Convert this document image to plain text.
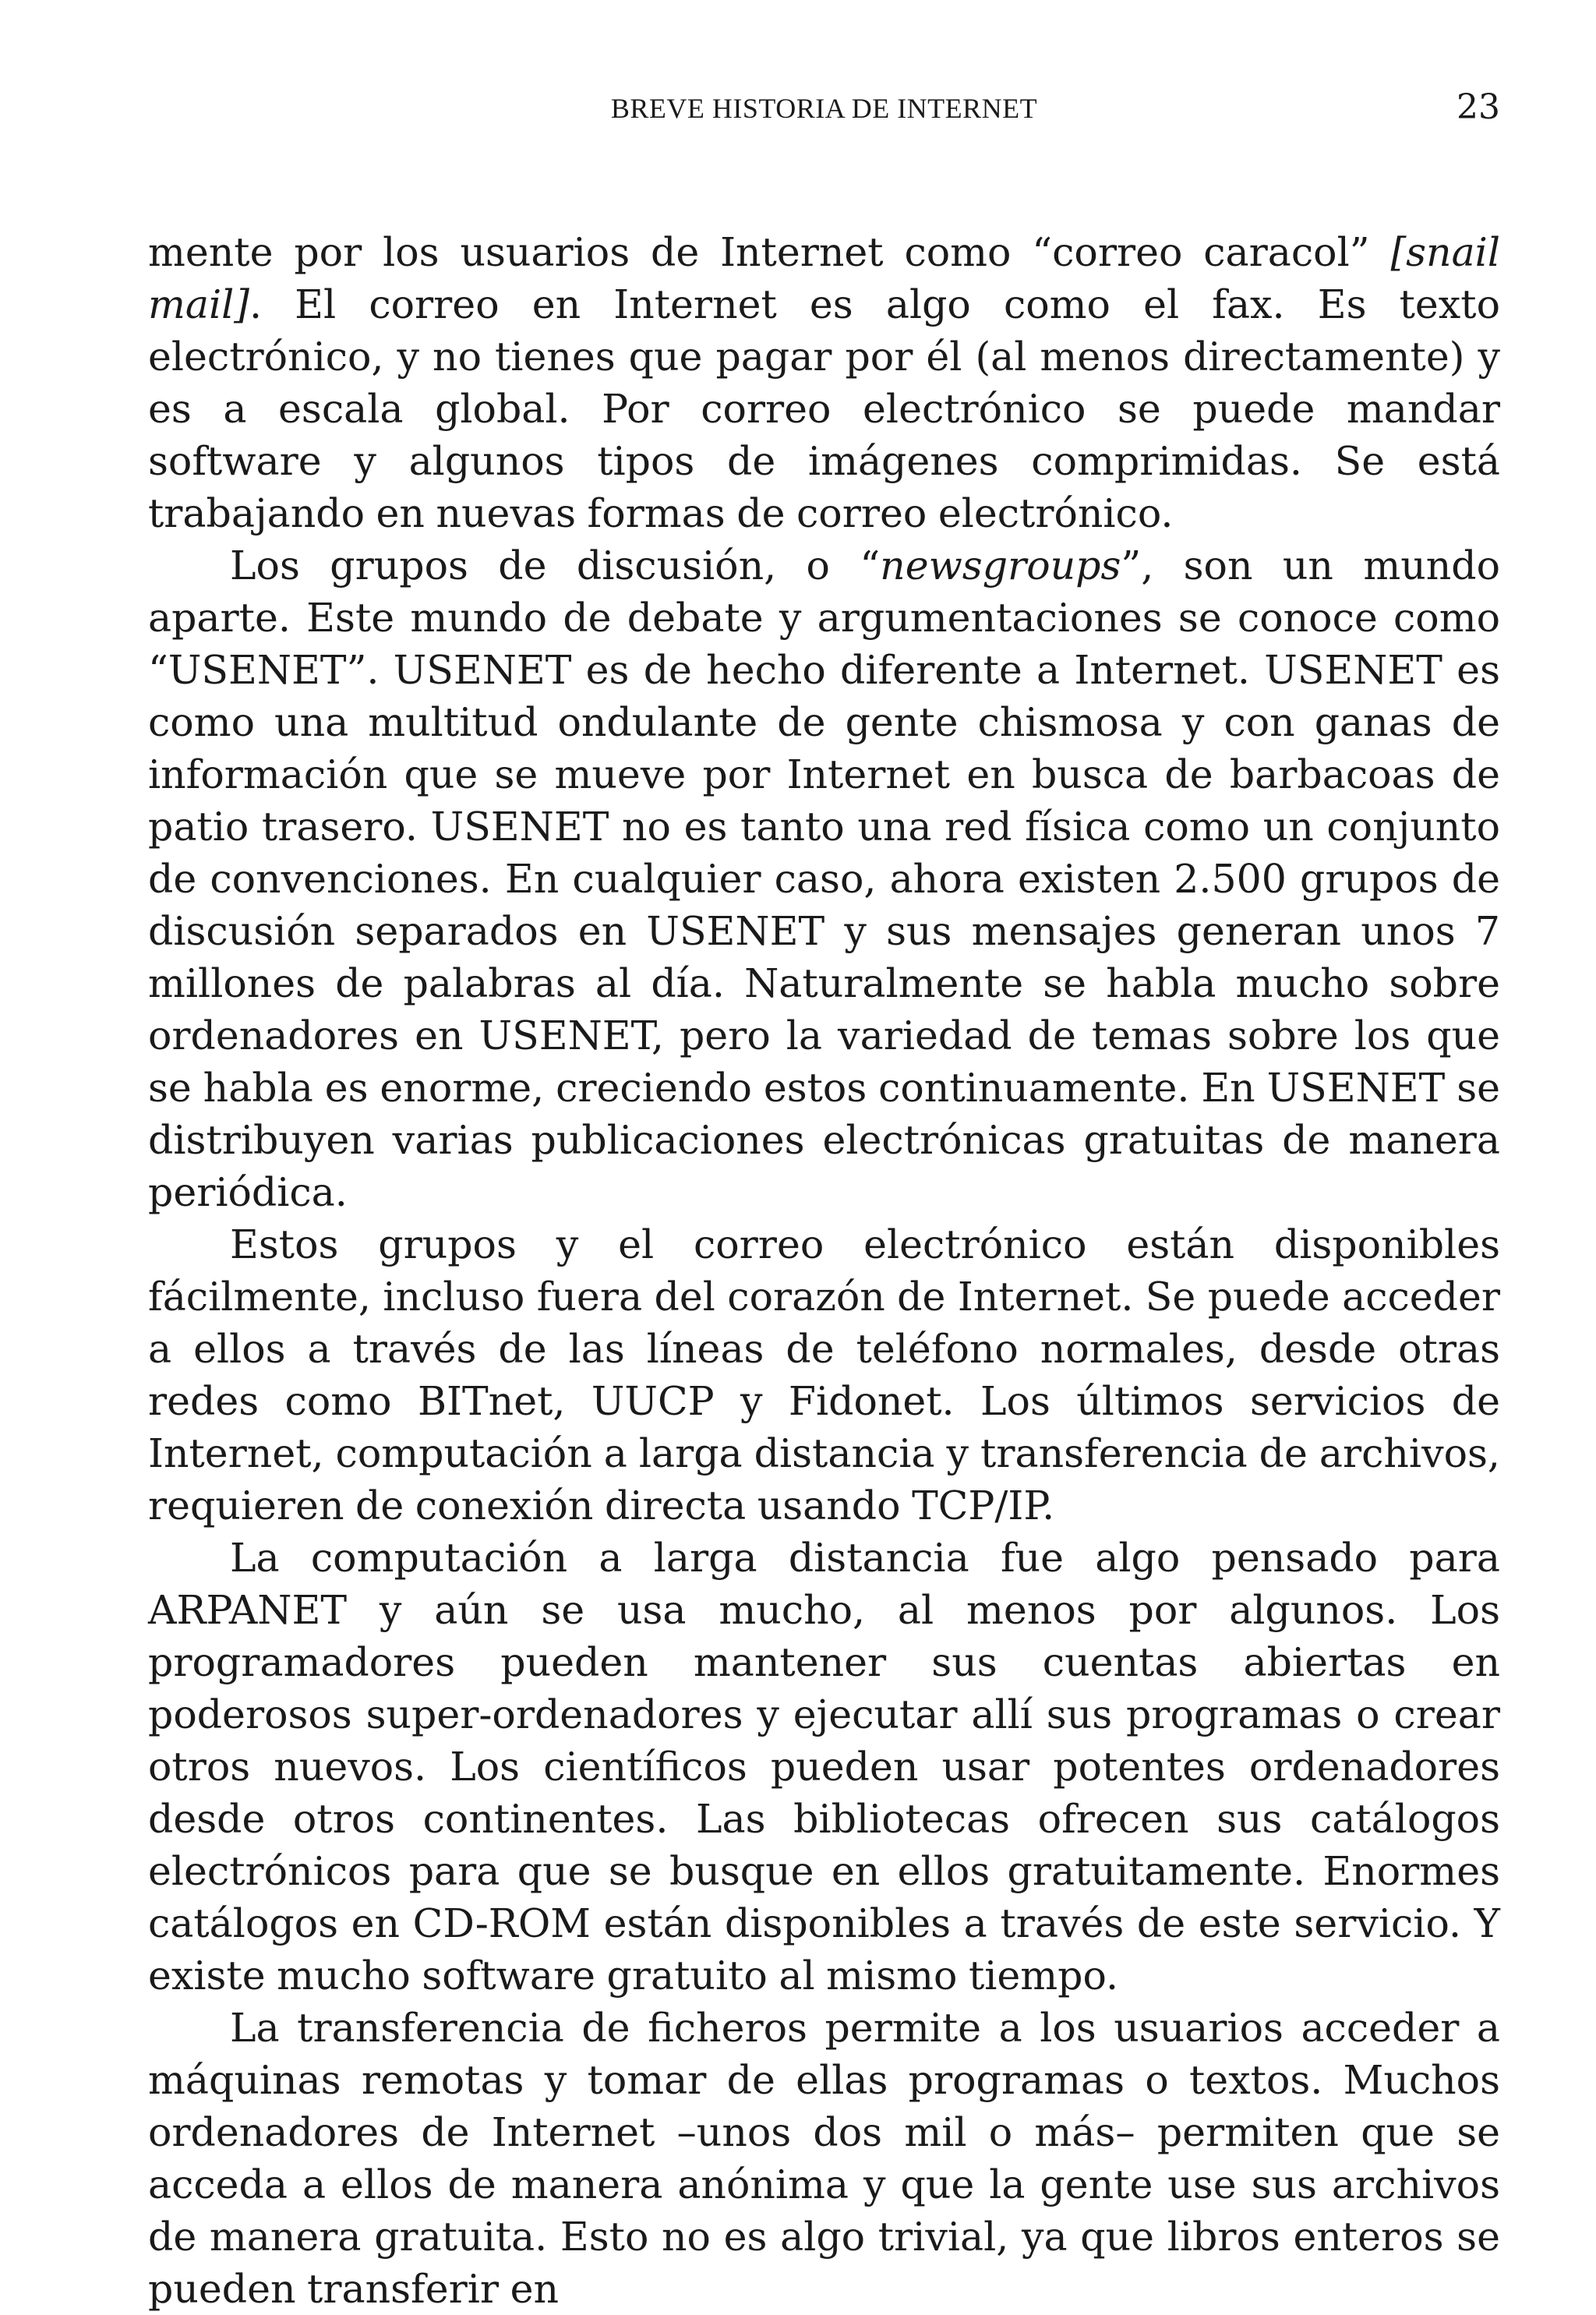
BREVE HISTORIA DE INTERNET	23

mente por los usuarios de Internet como “correo caracol” [snail mail]. El correo en Internet es algo como el fax. Es texto electrónico, y no tienes que pagar por él (al menos directamente) y es a escala global. Por correo electrónico se puede mandar software y algunos tipos de imágenes comprimidas. Se está trabajando en nuevas formas de correo electrónico.

Los grupos de discusión, o “newsgroups”, son un mundo aparte. Este mundo de debate y argumentaciones se conoce como “USENET”. USENET es de hecho diferente a Internet. USENET es como una multitud ondulante de gente chismosa y con ganas de información que se mueve por Internet en busca de barbacoas de patio trasero. USENET no es tanto una red física como un conjunto de convenciones. En cualquier caso, ahora existen 2.500 grupos de discusión separados en USENET y sus mensajes generan unos 7 millones de palabras al día. Naturalmente se habla mucho sobre ordenadores en USENET, pero la variedad de temas sobre los que se habla es enorme, creciendo estos continuamente. En USENET se distribuyen varias publicaciones electrónicas gratuitas de manera periódica.

Estos grupos y el correo electrónico están disponibles fácilmente, incluso fuera del corazón de Internet. Se puede acceder a ellos a través de las líneas de teléfono normales, desde otras redes como BITnet, UUCP y Fidonet. Los últimos servicios de Internet, computación a larga distancia y transferencia de archivos, requieren de conexión directa usando TCP/IP.

La computación a larga distancia fue algo pensado para ARPANET y aún se usa mucho, al menos por algunos. Los programadores pueden mantener sus cuentas abiertas en poderosos super-ordenadores y ejecutar allí sus programas o crear otros nuevos. Los científicos pueden usar potentes ordenadores desde otros continentes. Las bibliotecas ofrecen sus catálogos electrónicos para que se busque en ellos gratuitamente. Enormes catálogos en CD-ROM están disponibles a través de este servicio. Y existe mucho software gratuito al mismo tiempo.

La transferencia de ficheros permite a los usuarios acceder a máquinas remotas y tomar de ellas programas o textos. Muchos ordenadores de Internet –unos dos mil o más– permiten que se acceda a ellos de manera anónima y que la gente use sus archivos de manera gratuita. Esto no es algo trivial, ya que libros enteros se pueden transferir en
